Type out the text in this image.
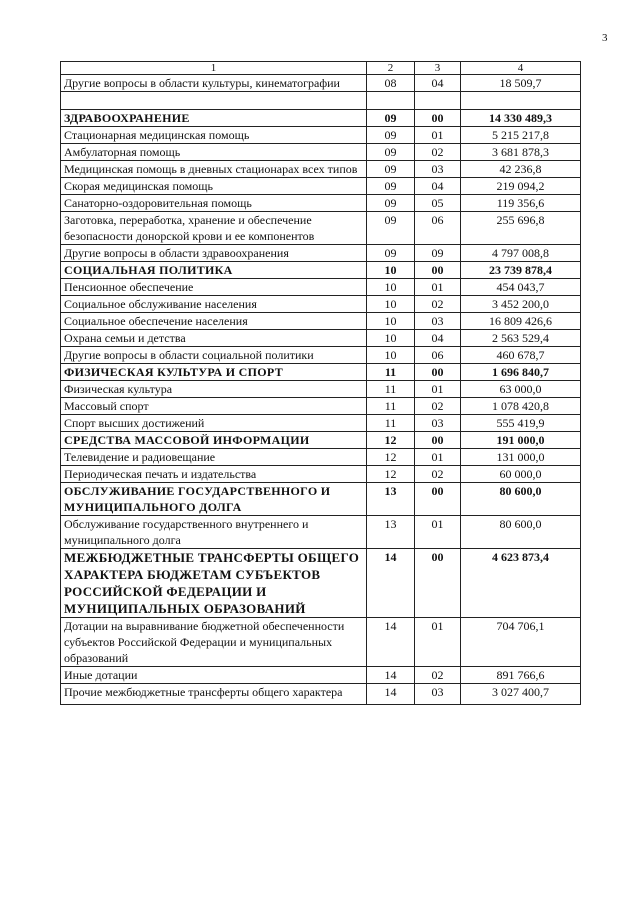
3
1	2	3	4
Другие вопросы в области культуры, кинематографии	08	04	18 509,7

ЗДРАВООХРАНЕНИЕ	09	00	14 330 489,3
Стационарная медицинская помощь	09	01	5 215 217,8
Амбулаторная помощь	09	02	3 681 878,3
Медицинская помощь в дневных стационарах всех типов	09	03	42 236,8
Скорая медицинская помощь	09	04	219 094,2
Санаторно-оздоровительная помощь	09	05	119 356,6
Заготовка, переработка, хранение и обеспечение безопасности донорской крови и ее компонентов	09	06	255 696,8
Другие вопросы в области здравоохранения	09	09	4 797 008,8
СОЦИАЛЬНАЯ ПОЛИТИКА	10	00	23 739 878,4
Пенсионное обеспечение	10	01	454 043,7
Социальное обслуживание населения	10	02	3 452 200,0
Социальное обеспечение населения	10	03	16 809 426,6
Охрана семьи и детства	10	04	2 563 529,4
Другие вопросы в области социальной политики	10	06	460 678,7
ФИЗИЧЕСКАЯ КУЛЬТУРА И СПОРТ	11	00	1 696 840,7
Физическая культура	11	01	63 000,0
Массовый спорт	11	02	1 078 420,8
Спорт высших достижений	11	03	555 419,9
СРЕДСТВА МАССОВОЙ ИНФОРМАЦИИ	12	00	191 000,0
Телевидение и радиовещание	12	01	131 000,0
Периодическая печать и издательства	12	02	60 000,0
ОБСЛУЖИВАНИЕ ГОСУДАРСТВЕННОГО И МУНИЦИПАЛЬНОГО ДОЛГА	13	00	80 600,0
Обслуживание государственного внутреннего и муниципального долга	13	01	80 600,0
МЕЖБЮДЖЕТНЫЕ ТРАНСФЕРТЫ ОБЩЕГО ХАРАКТЕРА БЮДЖЕТАМ СУБЪЕКТОВ РОССИЙСКОЙ ФЕДЕРАЦИИ И МУНИЦИПАЛЬНЫХ ОБРАЗОВАНИЙ	14	00	4 623 873,4
Дотации на выравнивание бюджетной обеспеченности субъектов Российской Федерации и муниципальных образований	14	01	704 706,1
Иные дотации	14	02	891 766,6
Прочие межбюджетные трансферты общего характера	14	03	3 027 400,7
